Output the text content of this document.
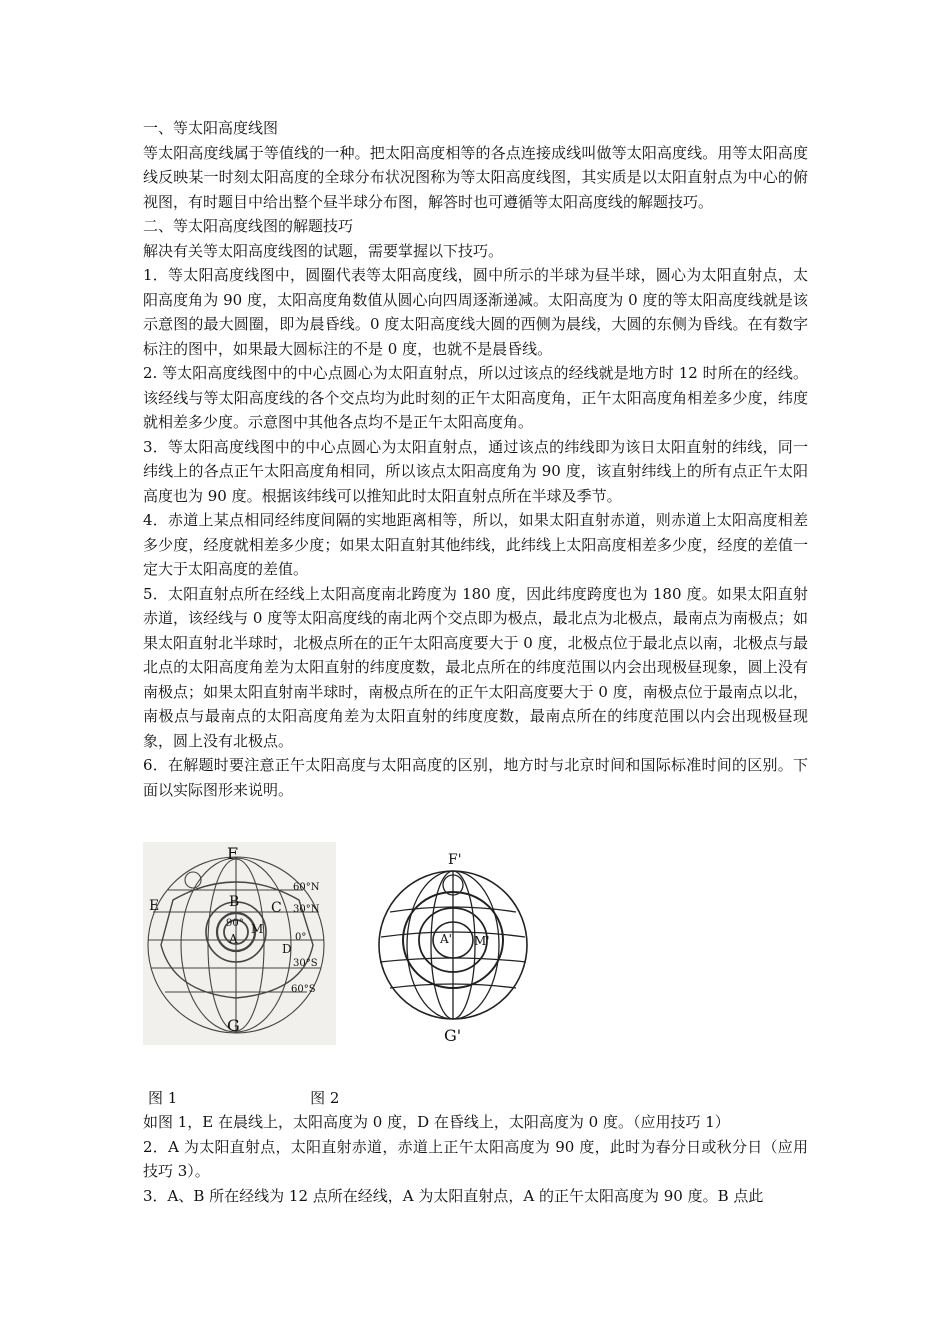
一、等太阳高度线图

等太阳高度线属于等值线的一种。把太阳高度相等的各点连接成线叫做等太阳高度线。用等太阳高度线反映某一时刻太阳高度的全球分布状况图称为等太阳高度线图，其实质是以太阳直射点为中心的俯视图，有时题目中给出整个昼半球分布图，解答时也可遵循等太阳高度线的解题技巧。

二、等太阳高度线图的解题技巧

解决有关等太阳高度线图的试题，需要掌握以下技巧。

1．等太阳高度线图中，圆圈代表等太阳高度线，圆中所示的半球为昼半球，圆心为太阳直射点，太阳高度角为 90 度，太阳高度角数值从圆心向四周逐渐递减。太阳高度为 0 度的等太阳高度线就是该示意图的最大圆圈，即为晨昏线。0 度太阳高度线大圆的西侧为晨线，大圆的东侧为昏线。在有数字标注的图中，如果最大圆标注的不是 0 度，也就不是晨昏线。

2. 等太阳高度线图中的中心点圆心为太阳直射点，所以过该点的经线就是地方时 12 时所在的经线。该经线与等太阳高度线的各个交点均为此时刻的正午太阳高度角，正午太阳高度角相差多少度，纬度就相差多少度。示意图中其他各点均不是正午太阳高度角。

3．等太阳高度线图中的中心点圆心为太阳直射点，通过该点的纬线即为该日太阳直射的纬线，同一纬线上的各点正午太阳高度角相同，所以该点太阳高度角为 90 度，该直射纬线上的所有点正午太阳高度也为 90 度。根据该纬线可以推知此时太阳直射点所在半球及季节。

4．赤道上某点相同经纬度间隔的实地距离相等，所以，如果太阳直射赤道，则赤道上太阳高度相差多少度，经度就相差多少度；如果太阳直射其他纬线，此纬线上太阳高度相差多少度，经度的差值一定大于太阳高度的差值。

5．太阳直射点所在经线上太阳高度南北跨度为 180 度，因此纬度跨度也为 180 度。如果太阳直射赤道，该经线与 0 度等太阳高度线的南北两个交点即为极点，最北点为北极点，最南点为南极点；如果太阳直射北半球时，北极点所在的正午太阳高度要大于 0 度，北极点位于最北点以南，北极点与最北点的太阳高度角差为太阳直射的纬度度数，最北点所在的纬度范围以内会出现极昼现象，圆上没有南极点；如果太阳直射南半球时，南极点所在的正午太阳高度要大于 0 度，南极点位于最南点以北，南极点与最南点的太阳高度角差为太阳直射的纬度度数，最南点所在的纬度范围以内会出现极昼现象，圆上没有北极点。

6．在解题时要注意正午太阳高度与太阳高度的区别，地方时与北京时间和国际标准时间的区别。下面以实际图形来说明。

F
E	B C
A
90° M
D
G
60°N
30°N
0°
30°S
60°S
F'
A' M'
G'
图 1	图 2

如图 1，E 在晨线上，太阳高度为 0 度，D 在昏线上，太阳高度为 0 度。（应用技巧 1）

2．A 为太阳直射点，太阳直射赤道，赤道上正午太阳高度为 90 度，此时为春分日或秋分日（应用技巧 3）。

3．A、B 所在经线为 12 点所在经线，A 为太阳直射点，A 的正午太阳高度为 90 度。B 点此
